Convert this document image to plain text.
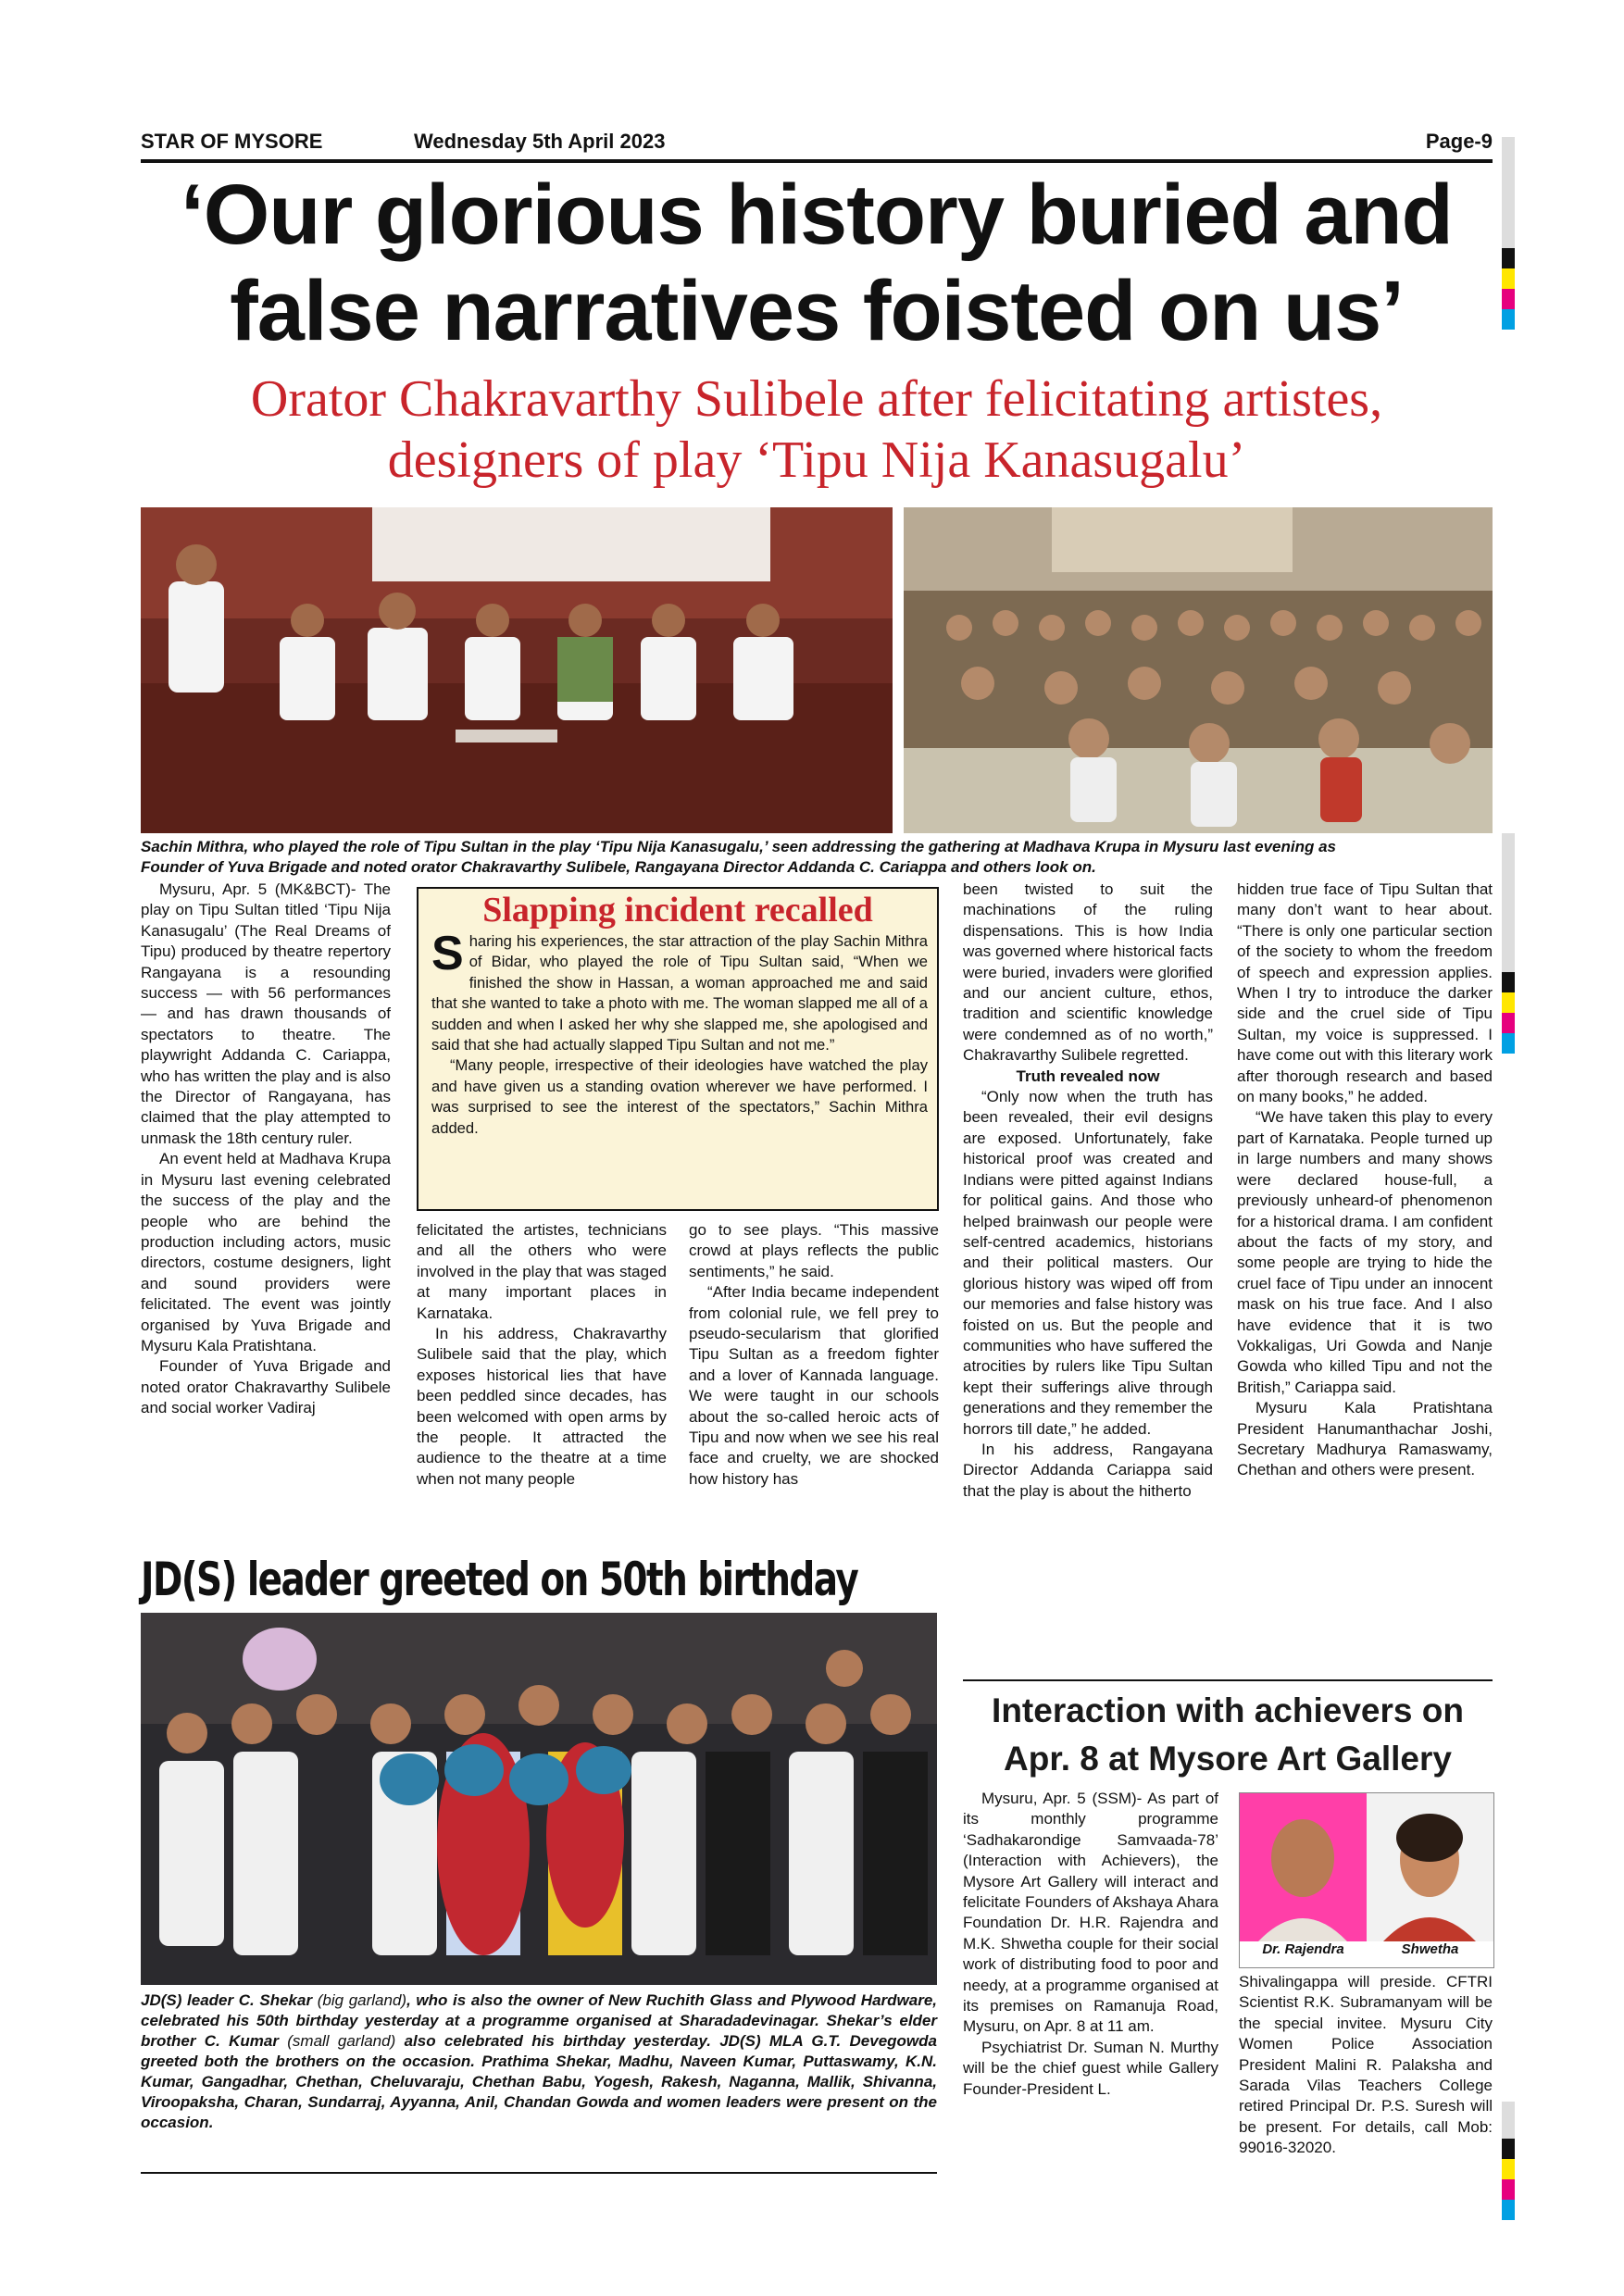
STAR OF MYSORE	Wednesday 5th April 2023	Page-9
‘Our glorious history buried and
false narratives foisted on us’
Orator Chakravarthy Sulibele after felicitating artistes,
designers of play ‘Tipu Nija Kanasugalu’
Sachin Mithra, who played the role of Tipu Sultan in the play ‘Tipu Nija Kanasugalu,’ seen addressing the gathering at Madhava Krupa in Mysuru last evening as
Founder of Yuva Brigade and noted orator Chakravarthy Sulibele, Rangayana Director Addanda C. Cariappa and others look on.

Mysuru, Apr. 5 (MK&BCT)- The play on Tipu Sultan titled ‘Tipu Nija Kanasugalu’ (The Real Dreams of Tipu) produced by theatre repertory Rangayana is a resounding success — with 56 performances — and has drawn thousands of spectators to theatre. The playwright Addanda C. Cariappa, who has written the play and is also the Director of Rangayana, has claimed that the play attempted to unmask the 18th century ruler.

An event held at Madhava Krupa in Mysuru last evening celebrated the success of the play and the people who are behind the production including actors, music directors, costume designers, light and sound providers were felicitated. The event was jointly organised by Yuva Brigade and Mysuru Kala Pratishtana.

Founder of Yuva Brigade and noted orator Chakravarthy Sulibele and social worker Vadiraj

Slapping incident recalled

Sharing his experiences, the star attraction of the play Sachin Mithra of Bidar, who played the role of Tipu Sultan said, “When we finished the show in Hassan, a woman approached me and said that she wanted to take a photo with me. The woman slapped me all of a sudden and when I asked her why she slapped me, she apologised and said that she had actually slapped Tipu Sultan and not me.”

“Many people, irrespective of their ideologies have watched the play and have given us a standing ovation wherever we have performed. I was surprised to see the interest of the spectators,” Sachin Mithra added.

felicitated the artistes, technicians and all the others who were involved in the play that was staged at many important places in Karnataka.

In his address, Chakravarthy Sulibele said that the play, which exposes historical lies that have been peddled since decades, has been welcomed with open arms by the people. It attracted the audience to the theatre at a time when not many people

go to see plays. “This massive crowd at plays reflects the public sentiments,” he said.

“After India became independent from colonial rule, we fell prey to pseudo-secularism that glorified Tipu Sultan as a freedom fighter and a lover of Kannada language. We were taught in our schools about the so-called heroic acts of Tipu and now when we see his real face and cruelty, we are shocked how history has

been twisted to suit the machinations of the ruling dispensations. This is how India was governed where historical facts were buried, invaders were glorified and our ancient culture, ethos, tradition and scientific knowledge were condemned as of no worth,” Chakravarthy Sulibele regretted.

Truth revealed now

“Only now when the truth has been revealed, their evil designs are exposed. Unfortunately, fake historical proof was created and Indians were pitted against Indians for political gains. And those who helped brainwash our people were self-centred academics, historians and their political masters. Our glorious history was wiped off from our memories and false history was foisted on us. But the people and communities who have suffered the atrocities by rulers like Tipu Sultan kept their sufferings alive through generations and they remember the horrors till date,” he added.

In his address, Rangayana Director Addanda Cariappa said that the play is about the hitherto

hidden true face of Tipu Sultan that many don’t want to hear about. “There is only one particular section of the society to whom the freedom of speech and expression applies. When I try to introduce the darker side and the cruel side of Tipu Sultan, my voice is suppressed. I have come out with this literary work after thorough research and based on many books,” he added.

“We have taken this play to every part of Karnataka. People turned up in large numbers and many shows were declared house-full, a previously unheard-of phenomenon for a historical drama. I am confident about the facts of my story, and some people are trying to hide the cruel face of Tipu under an innocent mask on his true face. And I also have evidence that it is two Vokkaligas, Uri Gowda and Nanje Gowda who killed Tipu and not the British,” Cariappa said.

Mysuru Kala Pratishtana President Hanumanthachar Joshi, Secretary Madhurya Ramaswamy, Chethan and others were present.

JD(S) leader greeted on 50th birthday
JD(S) leader C. Shekar (big garland), who is also the owner of New Ruchith Glass and Plywood Hardware, celebrated his 50th birthday yesterday at a programme organised at Sharadadevinagar. Shekar’s elder brother C. Kumar (small garland) also celebrated his birthday yesterday. JD(S) MLA G.T. Devegowda greeted both the brothers on the occasion. Prathima Shekar, Madhu, Naveen Kumar, Puttaswamy, K.N. Kumar, Gangadhar, Chethan, Cheluvaraju, Chethan Babu, Yogesh, Rakesh, Naganna, Mallik, Shivanna, Viroopaksha, Charan, Sundarraj, Ayyanna, Anil, Chandan Gowda and women leaders were present on the occasion.
Interaction with achievers on
Apr. 8 at Mysore Art Gallery

Mysuru, Apr. 5 (SSM)- As part of its monthly programme ‘Sadhakarondige Samvaada-78’ (Interaction with Achievers), the Mysore Art Gallery will interact and felicitate Founders of Akshaya Ahara Foundation Dr. H.R. Rajendra and M.K. Shwetha couple for their social work of distributing food to poor and needy, at a programme organised at its premises on Ramanuja Road, Mysuru, on Apr. 8 at 11 am.

Psychiatrist Dr. Suman N. Murthy will be the chief guest while Gallery Founder-President L.

Dr. Rajendra	Shwetha

Shivalingappa will preside. CFTRI Scientist R.K. Subramanyam will be the special invitee. Mysuru City Women Police Association President Malini R. Palaksha and Sarada Vilas Teachers College retired Principal Dr. P.S. Suresh will be present. For details, call Mob: 99016-32020.
